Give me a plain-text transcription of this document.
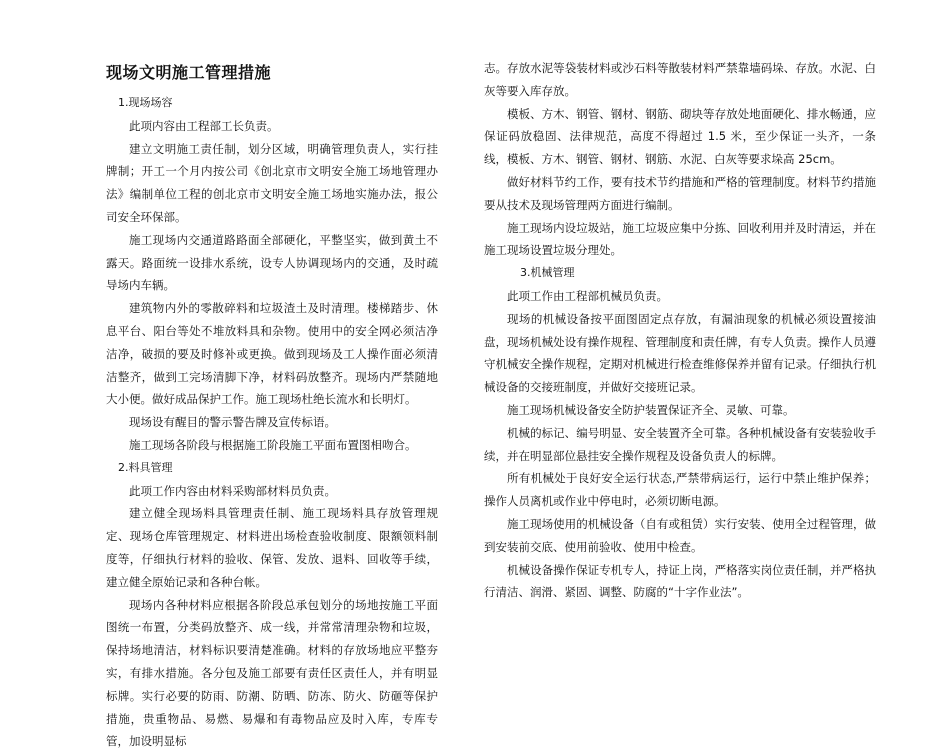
现场文明施工管理措施

1.现场场容

此项内容由工程部工长负责。

建立文明施工责任制，划分区域，明确管理负责人，实行挂牌制；开工一个月内按公司《创北京市文明安全施工场地管理办法》编制单位工程的创北京市文明安全施工场地实施办法，报公司安全环保部。

施工现场内交通道路路面全部硬化，平整坚实，做到黄土不露天。路面统一设排水系统，设专人协调现场内的交通，及时疏导场内车辆。

建筑物内外的零散碎料和垃圾渣土及时清理。楼梯踏步、休息平台、阳台等处不堆放料具和杂物。使用中的安全网必须洁净洁净，破损的要及时修补或更换。做到现场及工人操作面必须清洁整齐，做到工完场清脚下净，材料码放整齐。现场内严禁随地大小便。做好成品保护工作。施工现场杜绝长流水和长明灯。

现场设有醒目的警示警告牌及宣传标语。

施工现场各阶段与根据施工阶段施工平面布置图相吻合。

2.料具管理

此项工作内容由材料采购部材料员负责。

建立健全现场料具管理责任制、施工现场料具存放管理规定、现场仓库管理规定、材料进出场检查验收制度、限额领料制度等，仔细执行材料的验收、保管、发放、退料、回收等手续，建立健全原始记录和各种台帐。

现场内各种材料应根据各阶段总承包划分的场地按施工平面图统一布置，分类码放整齐、成一线，并常常清理杂物和垃圾，保持场地清洁，材料标识要清楚准确。材料的存放场地应平整夯实，有排水措施。各分包及施工部要有责任区责任人，并有明显标牌。实行必要的防雨、防潮、防晒、防冻、防火、防砸等保护措施，贵重物品、易燃、易爆和有毒物品应及时入库，专库专管，加设明显标

志。存放水泥等袋装材料或沙石料等散装材料严禁靠墙码垛、存放。水泥、白灰等要入库存放。

模板、方木、钢管、钢材、钢筋、砌块等存放处地面硬化、排水畅通，应保证码放稳固、法律规范，高度不得超过 1.5 米，至少保证一头齐，一条线，模板、方木、钢管、钢材、钢筋、水泥、白灰等要求垛高 25cm。

做好材料节约工作，要有技术节约措施和严格的管理制度。材料节约措施要从技术及现场管理两方面进行编制。

施工现场内设垃圾站，施工垃圾应集中分拣、回收利用并及时清运，并在施工现场设置垃圾分理处。

3.机械管理

此项工作由工程部机械员负责。

现场的机械设备按平面图固定点存放，有漏油现象的机械必须设置接油盘，现场机械处设有操作规程、管理制度和责任牌，有专人负责。操作人员遵守机械安全操作规程，定期对机械进行检查维修保养并留有记录。仔细执行机械设备的交接班制度，并做好交接班记录。

施工现场机械设备安全防护装置保证齐全、灵敏、可靠。

机械的标记、编号明显、安全装置齐全可靠。各种机械设备有安装验收手续，并在明显部位悬挂安全操作规程及设备负责人的标牌。

所有机械处于良好安全运行状态,严禁带病运行，运行中禁止维护保养；操作人员离机或作业中停电时，必须切断电源。

施工现场使用的机械设备（自有或租赁）实行安装、使用全过程管理，做到安装前交底、使用前验收、使用中检查。

机械设备操作保证专机专人，持证上岗，严格落实岗位责任制，并严格执行清洁、润滑、紧固、调整、防腐的“十字作业法”。
